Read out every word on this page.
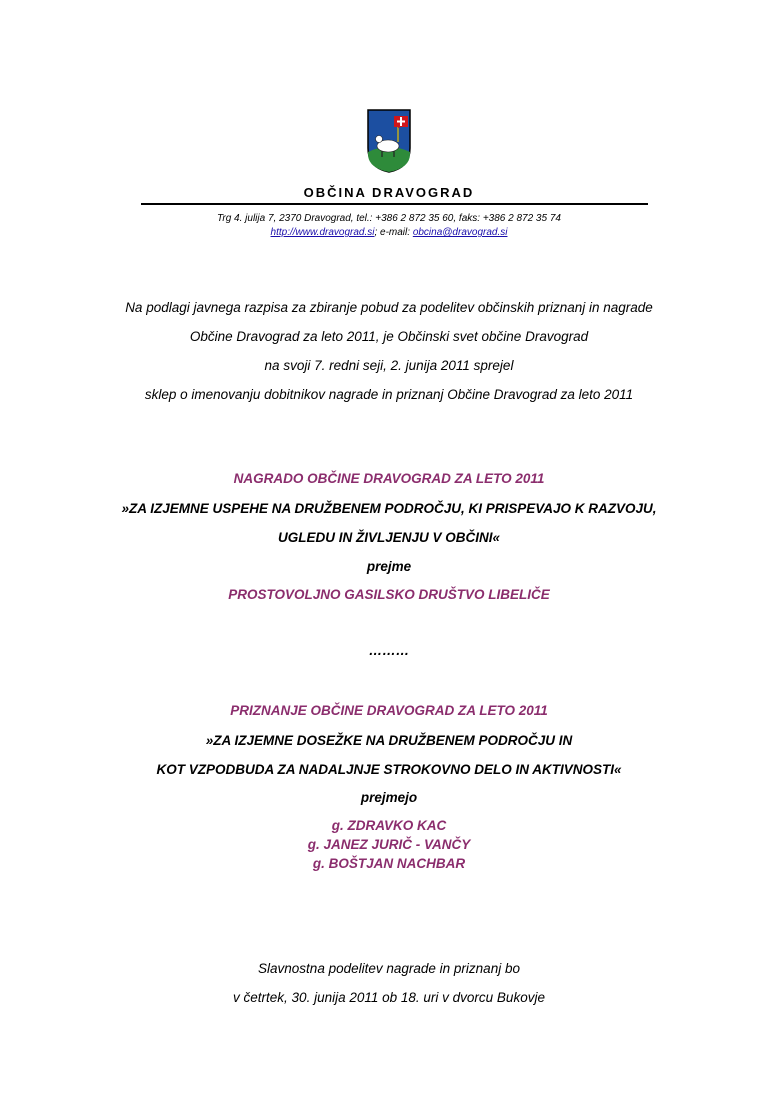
OBČINA DRAVOGRAD
Trg 4. julija 7, 2370 Dravograd, tel.: +386 2 872 35 60, faks: +386 2 872 35 74
http://www.dravograd.si; e-mail: obcina@dravograd.si
Na podlagi javnega razpisa za zbiranje pobud za podelitev občinskih priznanj in nagrade
Občine Dravograd za leto 2011, je Občinski svet občine Dravograd
na svoji 7. redni seji, 2. junija 2011 sprejel
sklep o imenovanju dobitnikov nagrade in priznanj Občine Dravograd za leto 2011
NAGRADO OBČINE DRAVOGRAD ZA LETO 2011
»ZA IZJEMNE USPEHE NA DRUŽBENEM PODROČJU, KI PRISPEVAJO K RAZVOJU,
UGLEDU IN ŽIVLJENJU V OBČINI«
prejme
PROSTOVOLJNO GASILSKO DRUŠTVO LIBELIČE
………
PRIZNANJE OBČINE DRAVOGRAD ZA LETO 2011
»ZA IZJEMNE DOSEŽKE NA DRUŽBENEM PODROČJU IN
KOT VZPODBUDA ZA NADALJNJE STROKOVNO DELO IN AKTIVNOSTI«
prejmejo
g. ZDRAVKO KAC
g. JANEZ JURIČ - VANČY
g. BOŠTJAN NACHBAR
Slavnostna podelitev nagrade in priznanj bo
v četrtek, 30. junija 2011 ob 18. uri v dvorcu Bukovje
